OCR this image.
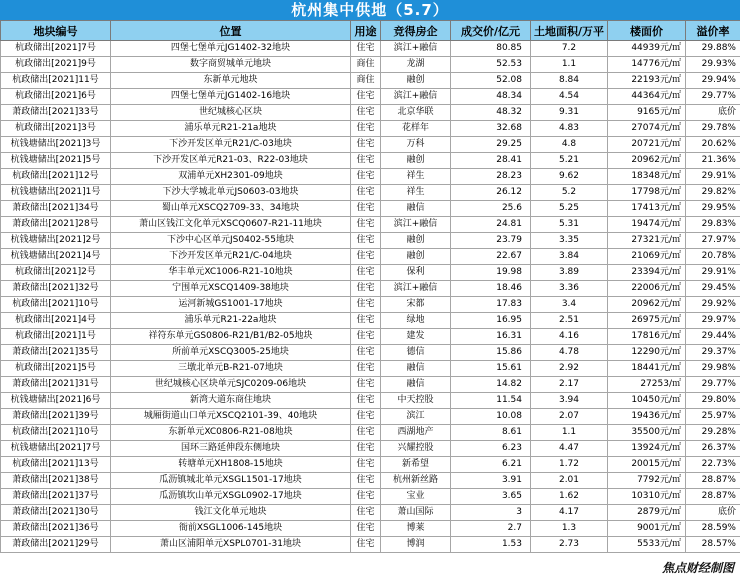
杭州集中供地（5.7）
地块编号	位置	用途	竞得房企	成交价/亿元	土地面积/万平	楼面价	溢价率
杭政储出[2021]7号	四堡七堡单元JG1402-32地块	住宅	滨江+融信	80.85	7.2	44939元/㎡	29.88%
杭政储出[2021]9号	数字商贸城单元地块	商住	龙湖	52.53	1.1	14776元/㎡	29.93%
杭政储出[2021]11号	东新单元地块	商住	融创	52.08	8.84	22193元/㎡	29.94%
杭政储出[2021]6号	四堡七堡单元JG1402-16地块	住宅	滨江+融信	48.34	4.54	44364元/㎡	29.77%
萧政储出[2021]33号	世纪城核心区块	住宅	北京华联	48.32	9.31	9165元/㎡	底价
杭政储出[2021]3号	浦乐单元R21-21a地块	住宅	花样年	32.68	4.83	27074元/㎡	29.78%
杭钱塘储出[2021]3号	下沙开发区单元R21/C-03地块	住宅	万科	29.25	4.8	20721元/㎡	20.62%
杭钱塘储出[2021]5号	下沙开发区单元R21-03、R22-03地块	住宅	融创	28.41	5.21	20962元/㎡	21.36%
杭政储出[2021]12号	双浦单元XH2301-09地块	住宅	祥生	28.23	9.62	18348元/㎡	29.91%
杭钱塘储出[2021]1号	下沙大学城北单元JS0603-03地块	住宅	祥生	26.12	5.2	17798元/㎡	29.82%
萧政储出[2021]34号	蜀山单元XSCQ2709-33、34地块	住宅	融信	25.6	5.25	17413元/㎡	29.95%
萧政储出[2021]28号	萧山区钱江文化单元XSCQ0607-R21-11地块	住宅	滨江+融信	24.81	5.31	19474元/㎡	29.83%
杭钱塘储出[2021]2号	下沙中心区单元JS0402-55地块	住宅	融创	23.79	3.35	27321元/㎡	27.97%
杭钱塘储出[2021]4号	下沙开发区单元R21/C-04地块	住宅	融创	22.67	3.84	21069元/㎡	20.78%
杭政储出[2021]2号	华丰单元XC1006-R21-10地块	住宅	保利	19.98	3.89	23394元/㎡	29.91%
萧政储出[2021]32号	宁围单元XSCQ1409-38地块	住宅	滨江+融信	18.46	3.36	22006元/㎡	29.45%
杭政储出[2021]10号	运河新城GS1001-17地块	住宅	宋都	17.83	3.4	20962元/㎡	29.92%
杭政储出[2021]4号	浦乐单元R21-22a地块	住宅	绿地	16.95	2.51	26975元/㎡	29.97%
杭政储出[2021]1号	祥符东单元GS0806-R21/B1/B2-05地块	住宅	建发	16.31	4.16	17816元/㎡	29.44%
萧政储出[2021]35号	所前单元XSCQ3005-25地块	住宅	德信	15.86	4.78	12290元/㎡	29.37%
杭政储出[2021]5号	三墩北单元B-R21-07地块	住宅	融信	15.61	2.92	18441元/㎡	29.98%
萧政储出[2021]31号	世纪城核心区块单元SJC0209-06地块	住宅	融信	14.82	2.17	27253/㎡	29.77%
杭钱塘储出[2021]6号	新湾大道东商住地块	住宅	中天控股	11.54	3.94	10450元/㎡	29.80%
萧政储出[2021]39号	城厢街道山口单元XSCQ2101-39、40地块	住宅	滨江	10.08	2.07	19436元/㎡	25.97%
杭政储出[2021]10号	东新单元XC0806-R21-08地块	住宅	西湖地产	8.61	1.1	35500元/㎡	29.28%
杭钱塘储出[2021]7号	国环三路延伸段东侧地块	住宅	兴耀控股	6.23	4.47	13924元/㎡	26.37%
杭政储出[2021]13号	转塘单元XH1808-15地块	住宅	新希望	6.21	1.72	20015元/㎡	22.73%
萧政储出[2021]38号	瓜沥镇城北单元XSGL1501-17地块	住宅	杭州新丝路	3.91	2.01	7792元/㎡	28.87%
萧政储出[2021]37号	瓜沥镇坎山单元XSGL0902-17地块	住宅	宝业	3.65	1.62	10310元/㎡	28.87%
萧政储出[2021]30号	钱江文化单元地块	住宅	萧山国际	3	4.17	2879元/㎡	底价
萧政储出[2021]36号	衙前XSGL1006-145地块	住宅	博莱	2.7	1.3	9001元/㎡	28.59%
萧政储出[2021]29号	萧山区浦阳单元XSPL0701-31地块	住宅	博润	1.53	2.73	5533元/㎡	28.57%
焦点财经制图
